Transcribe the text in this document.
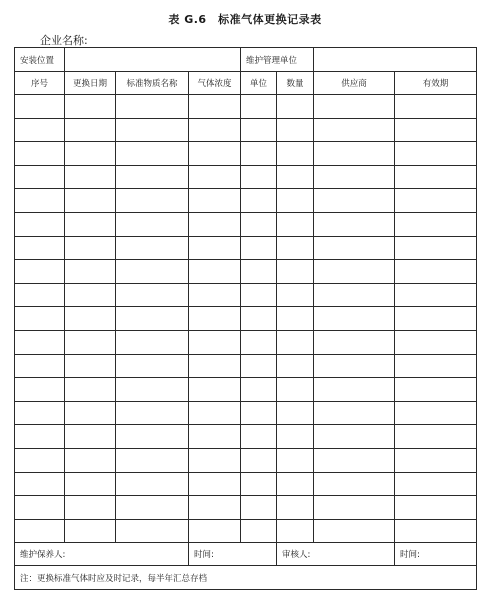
表 G.6　标准气体更换记录表
企业名称:
安装位置				维护管理单位			
序号	更换日期	标准物质名称	气体浓度	单位	数量	供应商	有效期

维护保养人:			时间:		审核人:		时间:
注：更换标准气体时应及时记录，每半年汇总存档							
